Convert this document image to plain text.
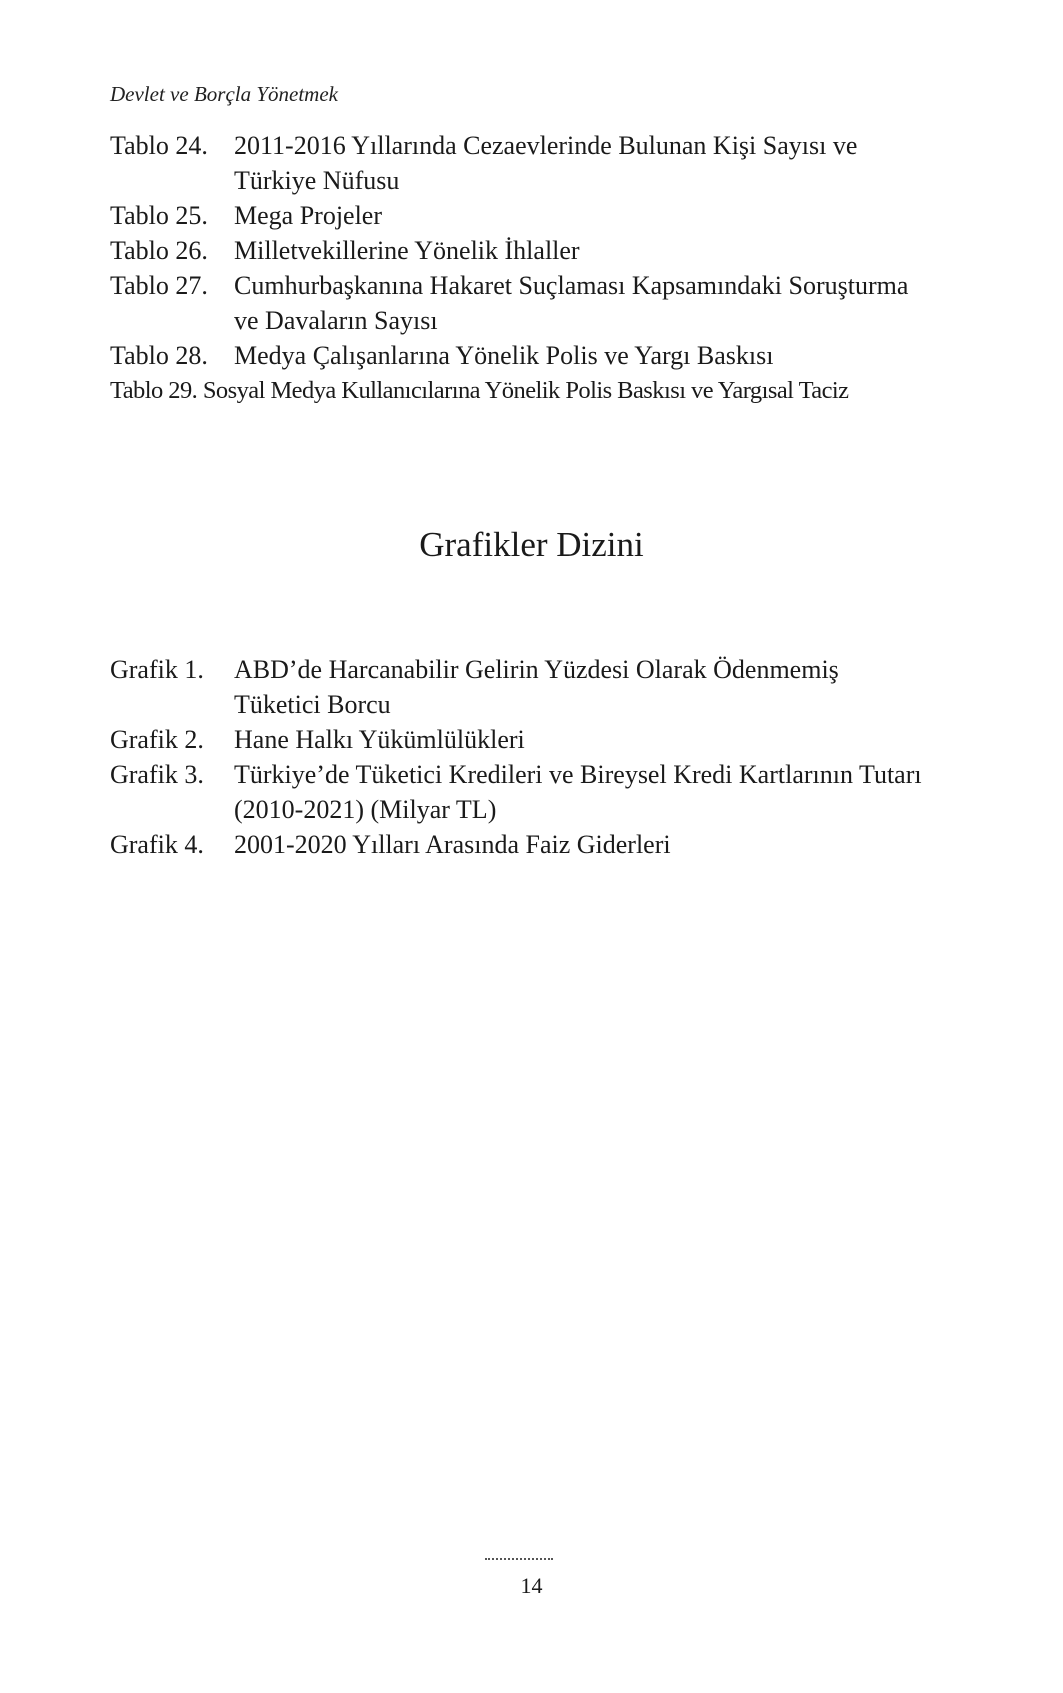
Devlet ve Borçla Yönetmek
Tablo 24.	2011-2016 Yıllarında Cezaevlerinde Bulunan Kişi Sayısı ve Türkiye Nüfusu
Tablo 25.	Mega Projeler
Tablo 26.	Milletvekillerine Yönelik İhlaller
Tablo 27.	Cumhurbaşkanına Hakaret Suçlaması Kapsamındaki Soruşturma ve Davaların Sayısı
Tablo 28.	Medya Çalışanlarına Yönelik Polis ve Yargı Baskısı
Tablo 29. Sosyal Medya Kullanıcılarına Yönelik Polis Baskısı ve Yargısal Taciz
Grafikler Dizini
Grafik 1.	ABD’de Harcanabilir Gelirin Yüzdesi Olarak Ödenmemiş Tüketici Borcu
Grafik 2.	Hane Halkı Yükümlülükleri
Grafik 3.	Türkiye’de Tüketici Kredileri ve Bireysel Kredi Kartlarının Tutarı (2010-2021) (Milyar TL)
Grafik 4.	2001-2020 Yılları Arasında Faiz Giderleri
14
